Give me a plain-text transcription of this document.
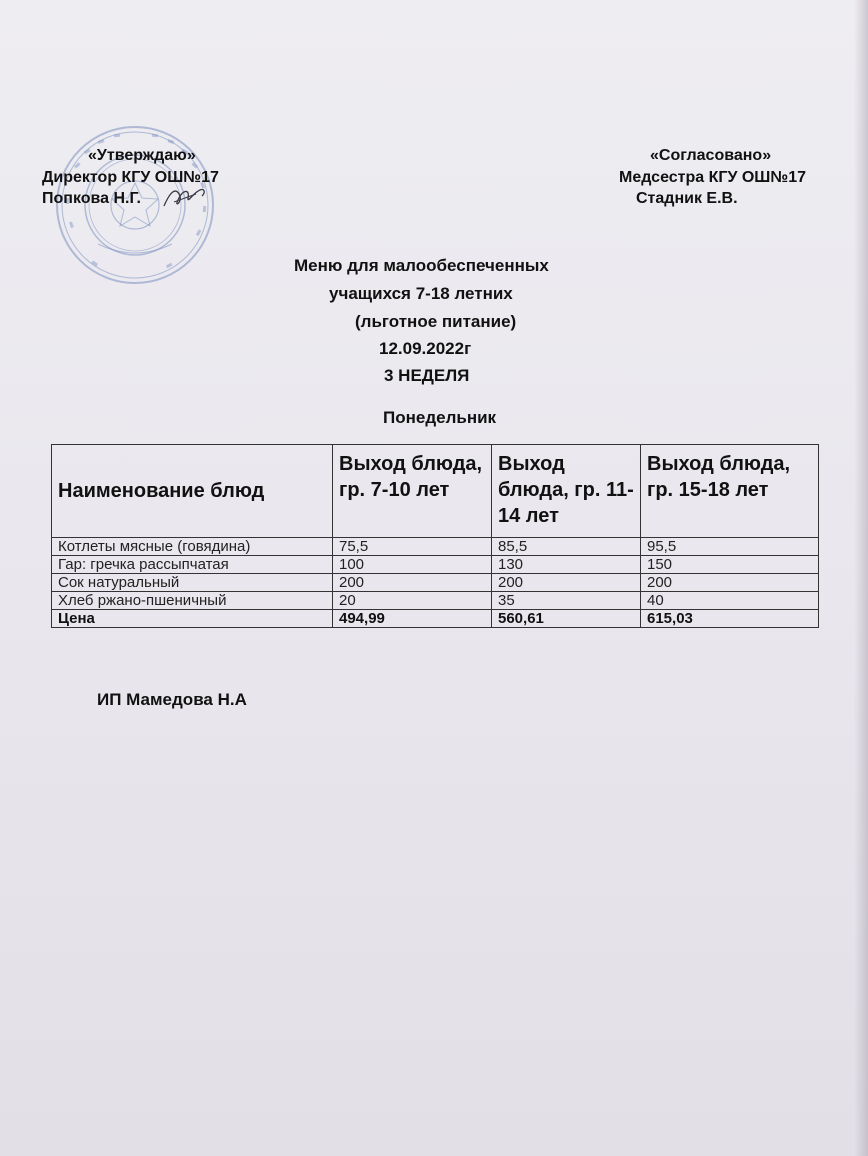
«Утверждаю»
Директор КГУ ОШ№17
Попкова Н.Г.
«Согласовано»
Медсестра КГУ ОШ№17
Стадник Е.В.
Меню для малообеспеченных
учащихся 7-18 летних
(льготное питание)
12.09.2022г
3 НЕДЕЛЯ
Понедельник
Наименование блюд	Выход блюда, гр. 7-10 лет	Выход блюда, гр. 11-14 лет	Выход блюда, гр. 15-18 лет
Котлеты мясные (говядина)	75,5	85,5	95,5
Гар: гречка рассыпчатая	100	130	150
Сок натуральный	200	200	200
Хлеб ржано-пшеничный	20	35	40
Цена	494,99	560,61	615,03
ИП Мамедова Н.А
